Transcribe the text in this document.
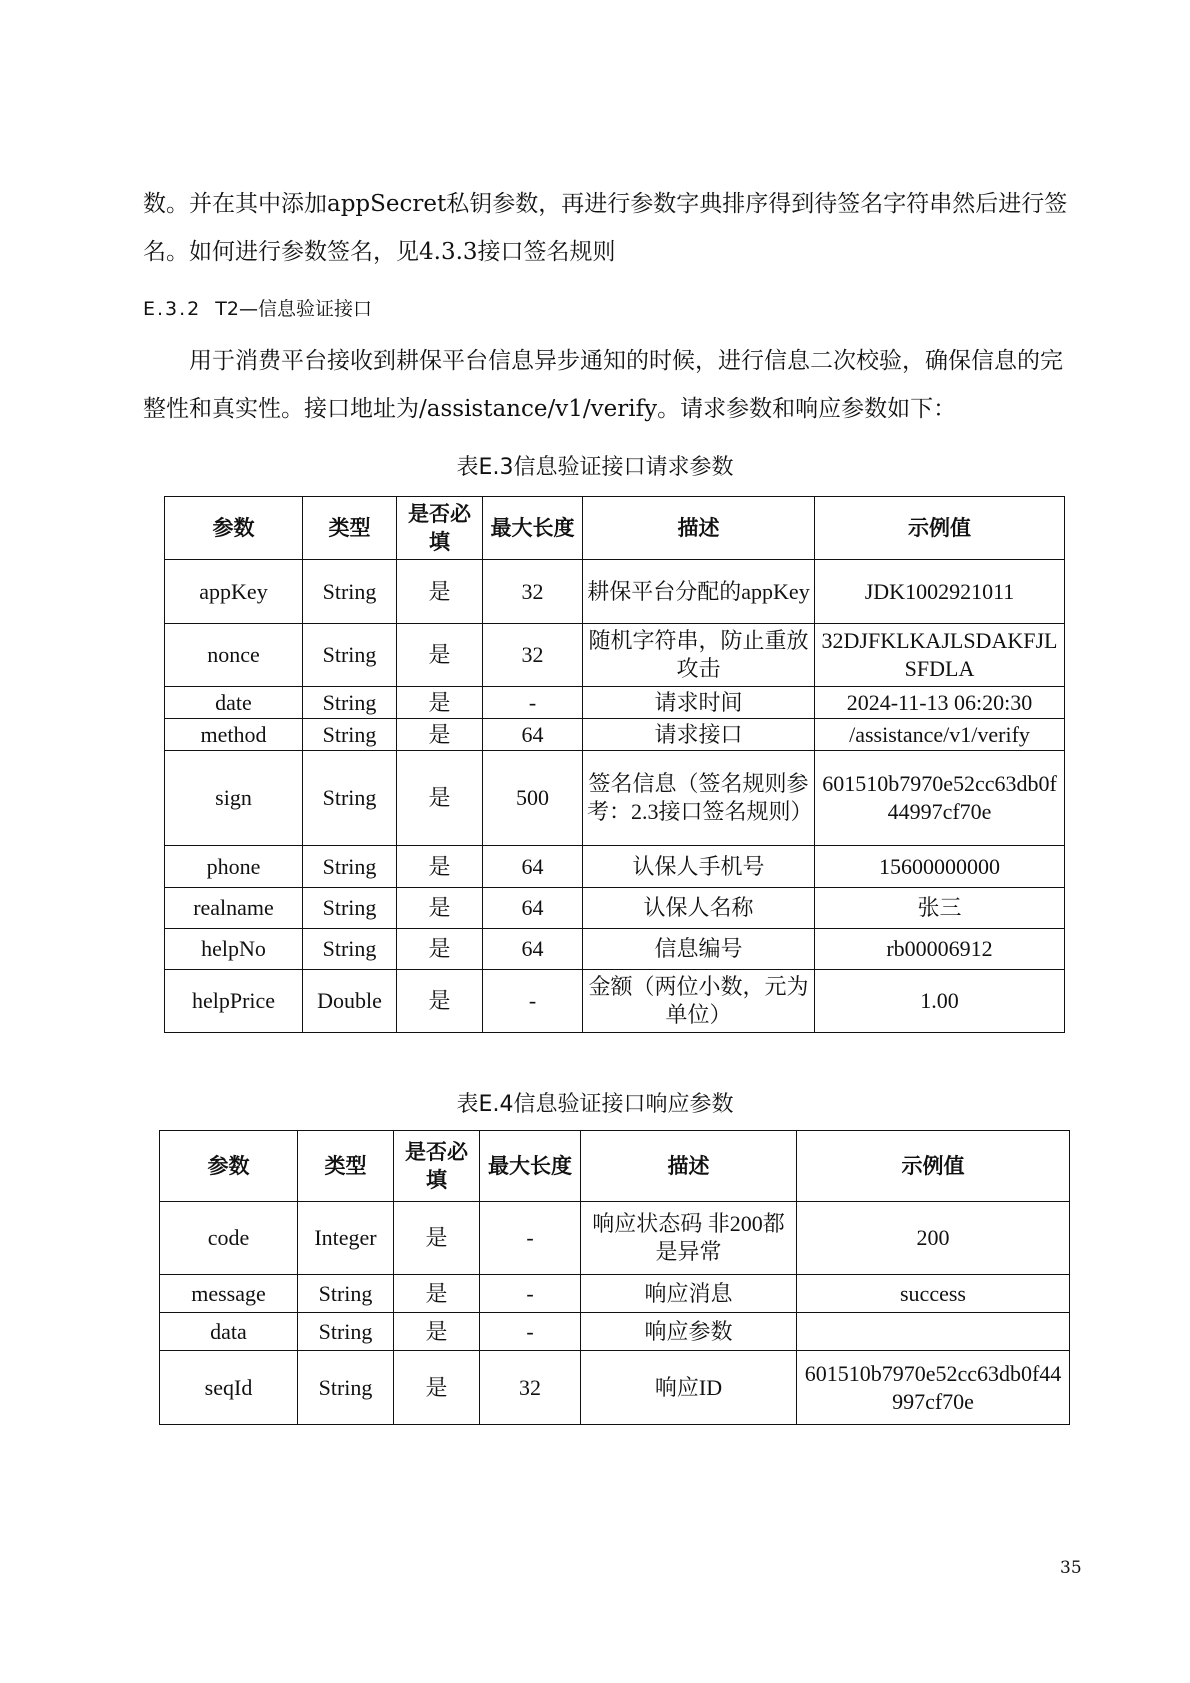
数。并在其中添加appSecret私钥参数，再进行参数字典排序得到待签名字符串然后进行签名。如何进行参数签名，见4.3.3接口签名规则

E.3.2 T2—信息验证接口

用于消费平台接收到耕保平台信息异步通知的时候，进行信息二次校验，确保信息的完整性和真实性。接口地址为/assistance/v1/verify。请求参数和响应参数如下：

表E.3信息验证接口请求参数

参数	类型	是否必填	最大长度	描述	示例值
appKey	String	是	32	耕保平台分配的appKey	JDK1002921011
nonce	String	是	32	随机字符串，防止重放攻击	32DJFKLKAJLSDAKFJLSFDLA
date	String	是	-	请求时间	2024-11-13 06:20:30
method	String	是	64	请求接口	/assistance/v1/verify
sign	String	是	500	签名信息（签名规则参考：2.3接口签名规则）	601510b7970e52cc63db0f44997cf70e
phone	String	是	64	认保人手机号	15600000000
realname	String	是	64	认保人名称	张三
helpNo	String	是	64	信息编号	rb00006912
helpPrice	Double	是	-	金额（两位小数，元为单位）	1.00

表E.4信息验证接口响应参数

参数	类型	是否必填	最大长度	描述	示例值
code	Integer	是	-	响应状态码 非200都是异常	200
message	String	是	-	响应消息	success
data	String	是	-	响应参数	
seqId	String	是	32	响应ID	601510b7970e52cc63db0f44997cf70e

35
